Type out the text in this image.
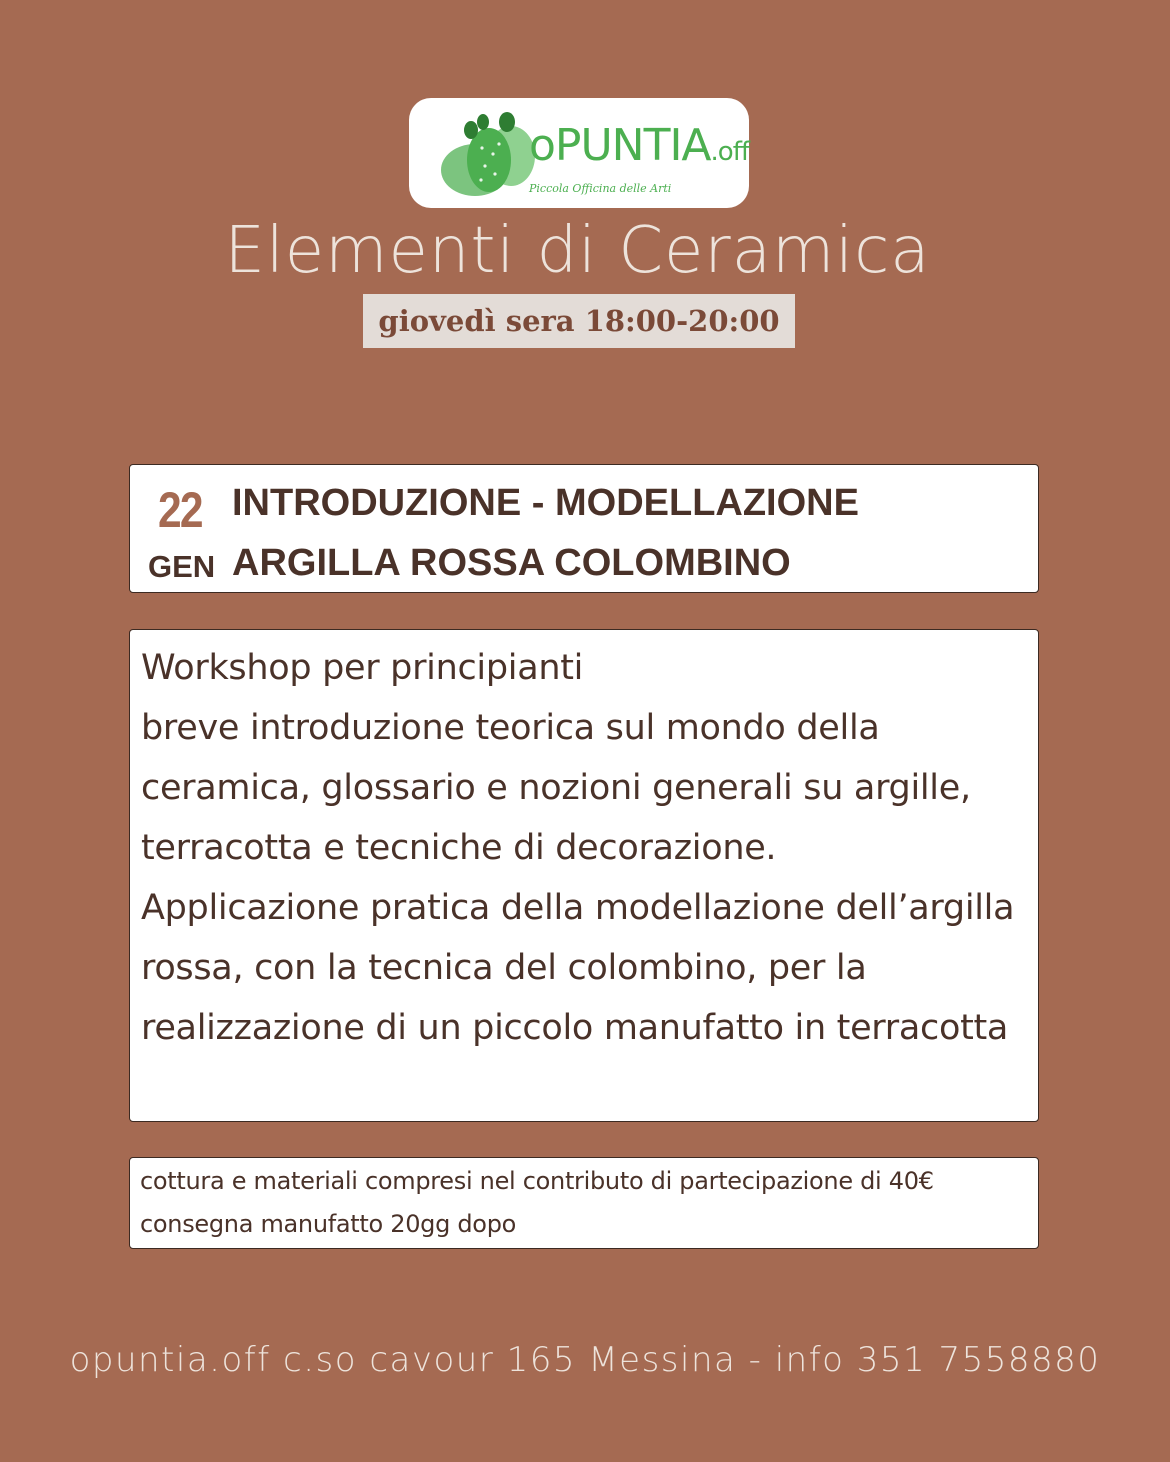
oPUNTIA.off
Piccola Officina delle Arti
Elementi di Ceramica
giovedì sera 18:00-20:00
22
GEN
INTRODUZIONE - MODELLAZIONE ARGILLA ROSSA COLOMBINO
Workshop per principianti
breve introduzione teorica sul mondo della ceramica, glossario e nozioni generali su argille, terracotta e tecniche di decorazione.
Applicazione pratica della modellazione dell’argilla rossa, con la tecnica del colombino, per la realizzazione di un piccolo manufatto in terracotta
cottura e materiali compresi nel contributo di partecipazione di 40€ consegna manufatto 20gg dopo
opuntia.off c.so cavour 165 Messina - info 351 7558880
